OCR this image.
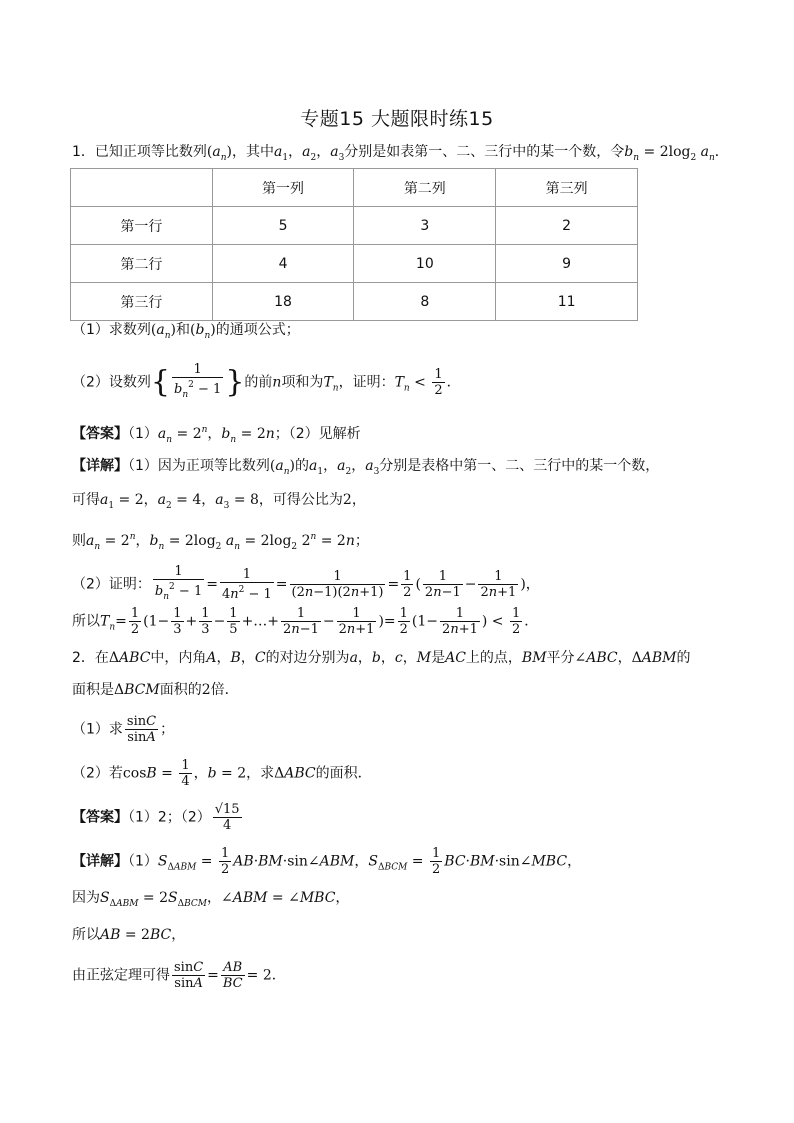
专题15 大题限时练15
1．已知正项等比数列$(a_n)$，其中$a_1$，$a_2$，$a_3$分别是如表第一、二、三行中的某一个数，令$b_n = 2\log_2$ $a_n$．
	第一列	第二列	第三列
第一行	5	3	2
第二行	4	10	9
第三行	18	8	11
（1）求数列$(a_n)$和$(b_n)$的通项公式；
（2）设数列{ $\frac{1}{b_n^2 - 1}$ }的前n项和为$T_n$，证明：$T_n < \frac{1}{2}$ ．
【答案】$(1)a_n = 2^n$，$b_n = 2n$；（2）见解析
【详解】（1）因为正项等比数列$(a_n)$的$a_1$，$a_2$，$a_3$分别是表格中第一、二、三行中的某一个数，
可得$a_1 = 2$，$a_2 = 4$，$a_3 = 8$，可得公比为2，
则$a_n = 2^n$，$b_n = 2\log_2$ $a_n = 2\log_2$ $2^n = 2n$；
（2）证明： $\frac{1}{b_n^2 - 1} = \frac{1}{4n^2 - 1} = \frac{1}{(2n-1)(2n+1)} = \frac{1}{2}$ ( $\frac{1}{2n-1} - \frac{1}{2n+1}$ )，
所以$T_n= \frac{1}{2} (1- \frac{1}{3} + \frac{1}{3} - \frac{1}{5}$ +…+ $\frac{1}{2n-1} - \frac{1}{2n+1}$ )= $\frac{1}{2} (1- \frac{1}{2n+1}$ ) < $\frac{1}{2}$ ．
2．在ΔABC中，内角A，B，C的对边分别为a，b，c，M是AC上的点，BM平分∠ABC，ΔABM的
面积是ΔBCM面积的2倍．
（1）求 $\frac{\sin C}{\sin A}$ ；
（2）若$\cos B = \frac{1}{4}$ ，b = 2，求ΔABC的面积．
【答案】（1）2；$(2) \frac{√15}{4}$
【详解】$(1)S_{\Delta ABM} = \frac{1}{2}$ AB·BM·sin∠ABM，$S_{\Delta BCM} = \frac{1}{2}$ BC·BM·sin∠MBC，
因为$S_{\Delta ABM} = 2S_{\Delta BCM}$，∠ABM = ∠MBC，
所以AB = 2BC，
由正弦定理可得 $\frac{\sin C}{\sin A} = \frac{AB}{BC} = 2$．
